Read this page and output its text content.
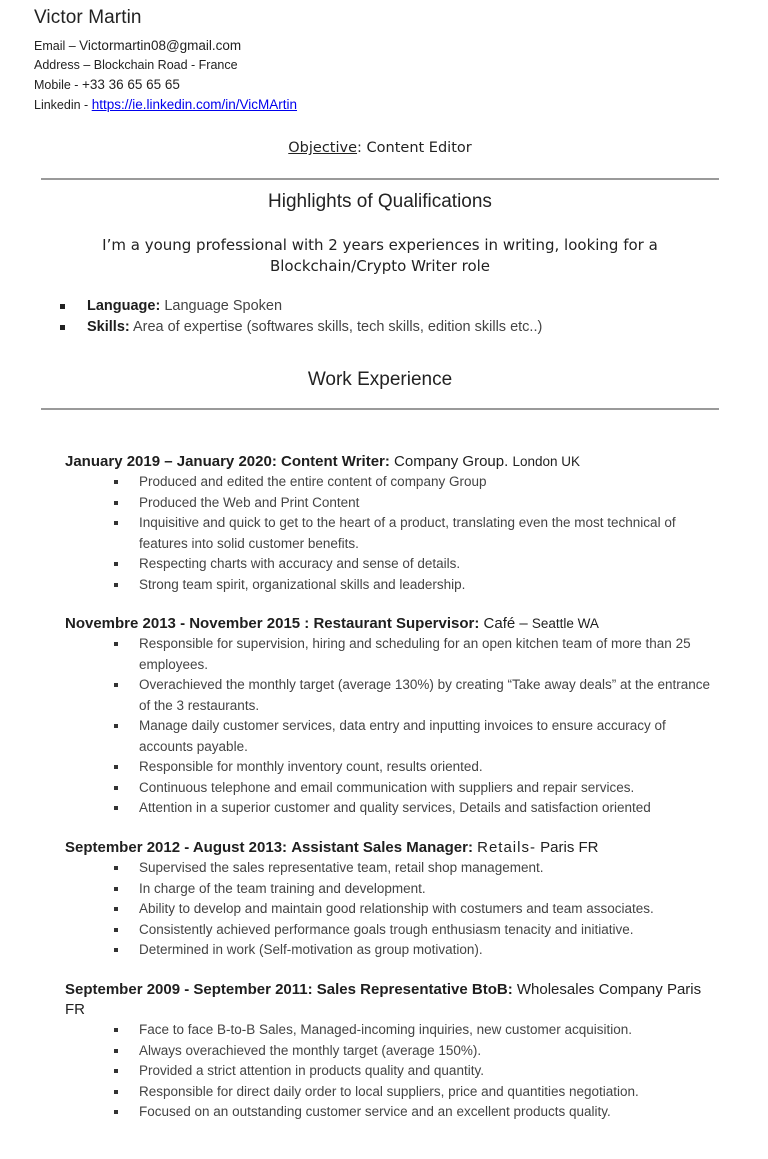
Victor Martin
Email – Victormartin08@gmail.com
Address – Blockchain Road - France
Mobile - +33 36 65 65 65
Linkedin - https://ie.linkedin.com/in/VicMArtin
Objective: Content Editor
Highlights of Qualifications
I’m a young professional with 2 years experiences in writing, looking for a Blockchain/Crypto Writer role
Language: Language Spoken
Skills: Area of expertise (softwares skills, tech skills, edition skills etc..)
Work Experience
January 2019 – January 2020: Content Writer: Company Group. London UK
Produced and edited the entire content of company Group
Produced the Web and Print Content
Inquisitive and quick to get to the heart of a product, translating even the most technical of features into solid customer benefits.
Respecting charts with accuracy and sense of details.
Strong team spirit, organizational skills and leadership.
Novembre 2013 - November 2015 : Restaurant Supervisor: Café – Seattle WA
Responsible for supervision, hiring and scheduling for an open kitchen team of more than 25 employees.
Overachieved the monthly target (average 130%) by creating “Take away deals” at the entrance of the 3 restaurants.
Manage daily customer services, data entry and inputting invoices to ensure accuracy of accounts payable.
Responsible for monthly inventory count, results oriented.
Continuous telephone and email communication with suppliers and repair services.
Attention in a superior customer and quality services, Details and satisfaction oriented
September 2012 - August 2013: Assistant Sales Manager: Retails- Paris FR
Supervised the sales representative team, retail shop management.
In charge of the team training and development.
Ability to develop and maintain good relationship with costumers and team associates.
Consistently achieved performance goals trough enthusiasm tenacity and initiative.
Determined in work (Self-motivation as group motivation).
September 2009 - September 2011: Sales Representative BtoB: Wholesales Company Paris FR
Face to face B-to-B Sales, Managed-incoming inquiries, new customer acquisition.
Always overachieved the monthly target (average 150%).
Provided a strict attention in products quality and quantity.
Responsible for direct daily order to local suppliers, price and quantities negotiation.
Focused on an outstanding customer service and an excellent products quality.
